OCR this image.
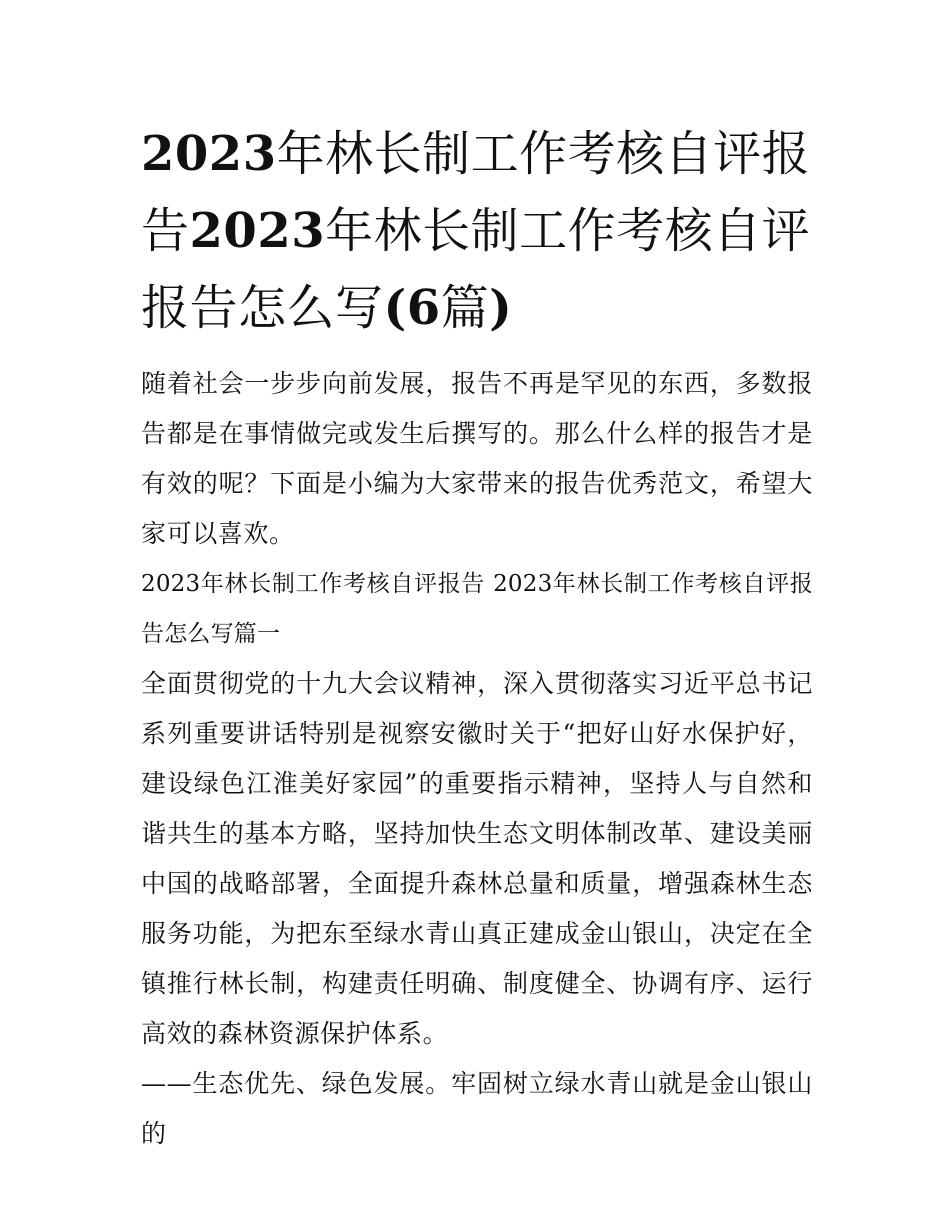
2023年林长制工作考核自评报告2023年林长制工作考核自评报告怎么写(6篇)

随着社会一步步向前发展，报告不再是罕见的东西，多数报告都是在事情做完或发生后撰写的。那么什么样的报告才是有效的呢？下面是小编为大家带来的报告优秀范文，希望大家可以喜欢。

2023年林长制工作考核自评报告 2023年林长制工作考核自评报告怎么写篇一

全面贯彻党的十九大会议精神，深入贯彻落实习近平总书记系列重要讲话特别是视察安徽时关于“把好山好水保护好，建设绿色江淮美好家园”的重要指示精神，坚持人与自然和谐共生的基本方略，坚持加快生态文明体制改革、建设美丽中国的战略部署，全面提升森林总量和质量，增强森林生态服务功能，为把东至绿水青山真正建成金山银山，决定在全镇推行林长制，构建责任明确、制度健全、协调有序、运行高效的森林资源保护体系。

——生态优先、绿色发展。牢固树立绿水青山就是金山银山的
